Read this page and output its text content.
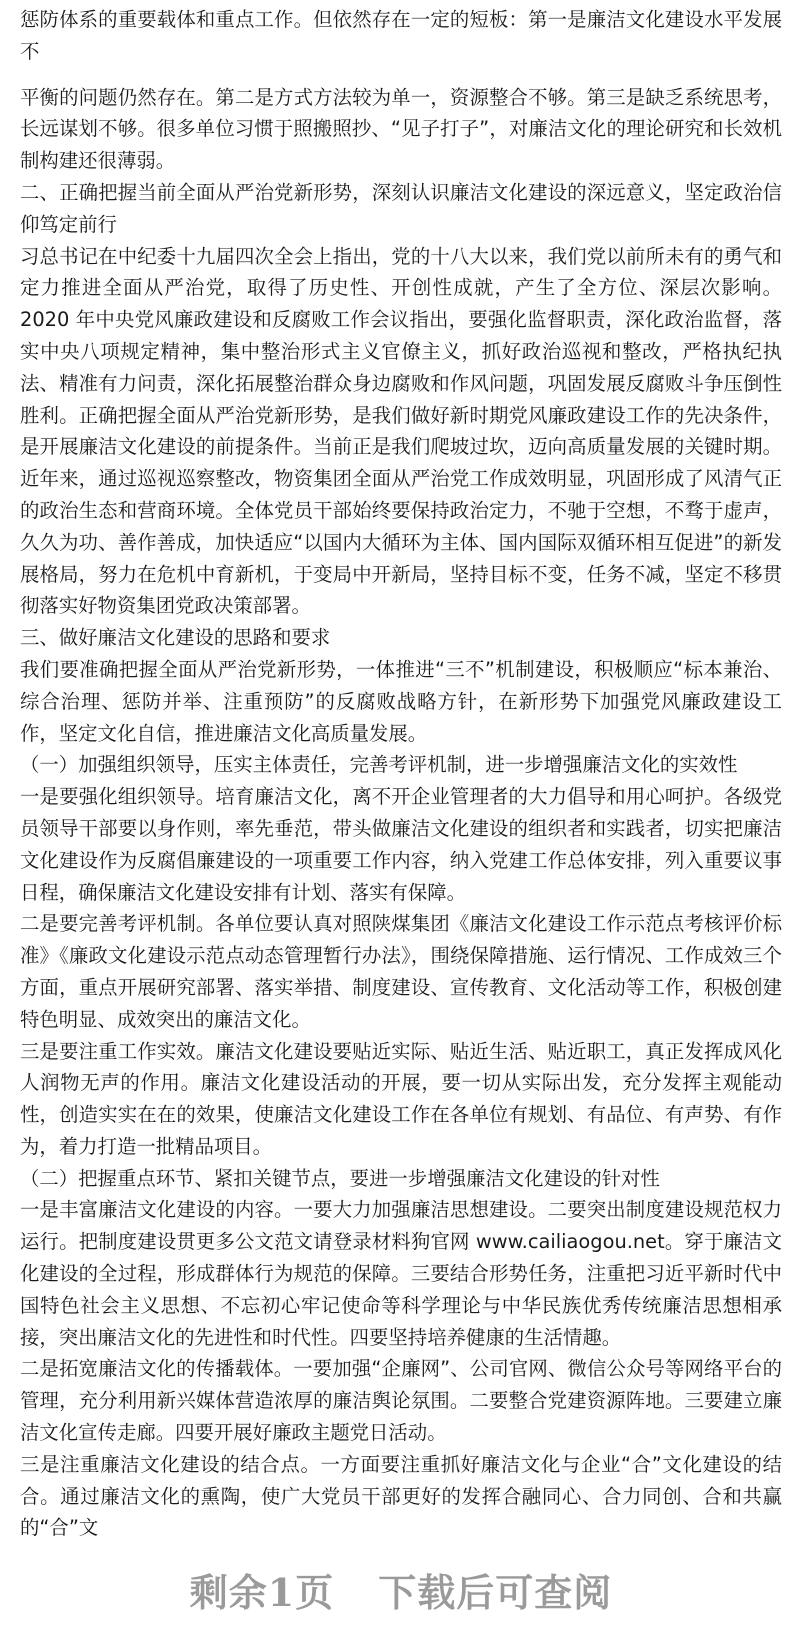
惩防体系的重要载体和重点工作。但依然存在一定的短板：第一是廉洁文化建设水平发展不

平衡的问题仍然存在。第二是方式方法较为单一，资源整合不够。第三是缺乏系统思考，长远谋划不够。很多单位习惯于照搬照抄、“见子打子”，对廉洁文化的理论研究和长效机制构建还很薄弱。

二、正确把握当前全面从严治党新形势，深刻认识廉洁文化建设的深远意义，坚定政治信仰笃定前行

习总书记在中纪委十九届四次全会上指出，党的十八大以来，我们党以前所未有的勇气和定力推进全面从严治党，取得了历史性、开创性成就，产生了全方位、深层次影响。2020 年中央党风廉政建设和反腐败工作会议指出，要强化监督职责，深化政治监督，落实中央八项规定精神，集中整治形式主义官僚主义，抓好政治巡视和整改，严格执纪执法、精准有力问责，深化拓展整治群众身边腐败和作风问题，巩固发展反腐败斗争压倒性胜利。正确把握全面从严治党新形势，是我们做好新时期党风廉政建设工作的先决条件，是开展廉洁文化建设的前提条件。当前正是我们爬坡过坎，迈向高质量发展的关键时期。近年来，通过巡视巡察整改，物资集团全面从严治党工作成效明显，巩固形成了风清气正的政治生态和营商环境。全体党员干部始终要保持政治定力，不驰于空想，不骛于虚声，久久为功、善作善成，加快适应“以国内大循环为主体、国内国际双循环相互促进”的新发展格局，努力在危机中育新机，于变局中开新局，坚持目标不变，任务不减，坚定不移贯彻落实好物资集团党政决策部署。

三、做好廉洁文化建设的思路和要求

我们要准确把握全面从严治党新形势，一体推进“三不”机制建设，积极顺应“标本兼治、综合治理、惩防并举、注重预防”的反腐败战略方针，在新形势下加强党风廉政建设工作，坚定文化自信，推进廉洁文化高质量发展。

（一）加强组织领导，压实主体责任，完善考评机制，进一步增强廉洁文化的实效性

一是要强化组织领导。培育廉洁文化，离不开企业管理者的大力倡导和用心呵护。各级党员领导干部要以身作则，率先垂范，带头做廉洁文化建设的组织者和实践者，切实把廉洁文化建设作为反腐倡廉建设的一项重要工作内容，纳入党建工作总体安排，列入重要议事日程，确保廉洁文化建设安排有计划、落实有保障。

二是要完善考评机制。各单位要认真对照陕煤集团《廉洁文化建设工作示范点考核评价标准》《廉政文化建设示范点动态管理暂行办法》，围绕保障措施、运行情况、工作成效三个方面，重点开展研究部署、落实举措、制度建设、宣传教育、文化活动等工作，积极创建特色明显、成效突出的廉洁文化。

三是要注重工作实效。廉洁文化建设要贴近实际、贴近生活、贴近职工，真正发挥成风化人润物无声的作用。廉洁文化建设活动的开展，要一切从实际出发，充分发挥主观能动性，创造实实在在的效果，使廉洁文化建设工作在各单位有规划、有品位、有声势、有作为，着力打造一批精品项目。

（二）把握重点环节、紧扣关键节点，要进一步增强廉洁文化建设的针对性

一是丰富廉洁文化建设的内容。一要大力加强廉洁思想建设。二要突出制度建设规范权力运行。把制度建设贯更多公文范文请登录材料狗官网 www.cailiaogou.net。穿于廉洁文化建设的全过程，形成群体行为规范的保障。三要结合形势任务，注重把习近平新时代中国特色社会主义思想、不忘初心牢记使命等科学理论与中华民族优秀传统廉洁思想相承接，突出廉洁文化的先进性和时代性。四要坚持培养健康的生活情趣。

二是拓宽廉洁文化的传播载体。一要加强“企廉网”、公司官网、微信公众号等网络平台的管理，充分利用新兴媒体营造浓厚的廉洁舆论氛围。二要整合党建资源阵地。三要建立廉洁文化宣传走廊。四要开展好廉政主题党日活动。

三是注重廉洁文化建设的结合点。一方面要注重抓好廉洁文化与企业“合”文化建设的结合。通过廉洁文化的熏陶，使广大党员干部更好的发挥合融同心、合力同创、合和共赢的“合”文

剩余1页 下载后可查阅
